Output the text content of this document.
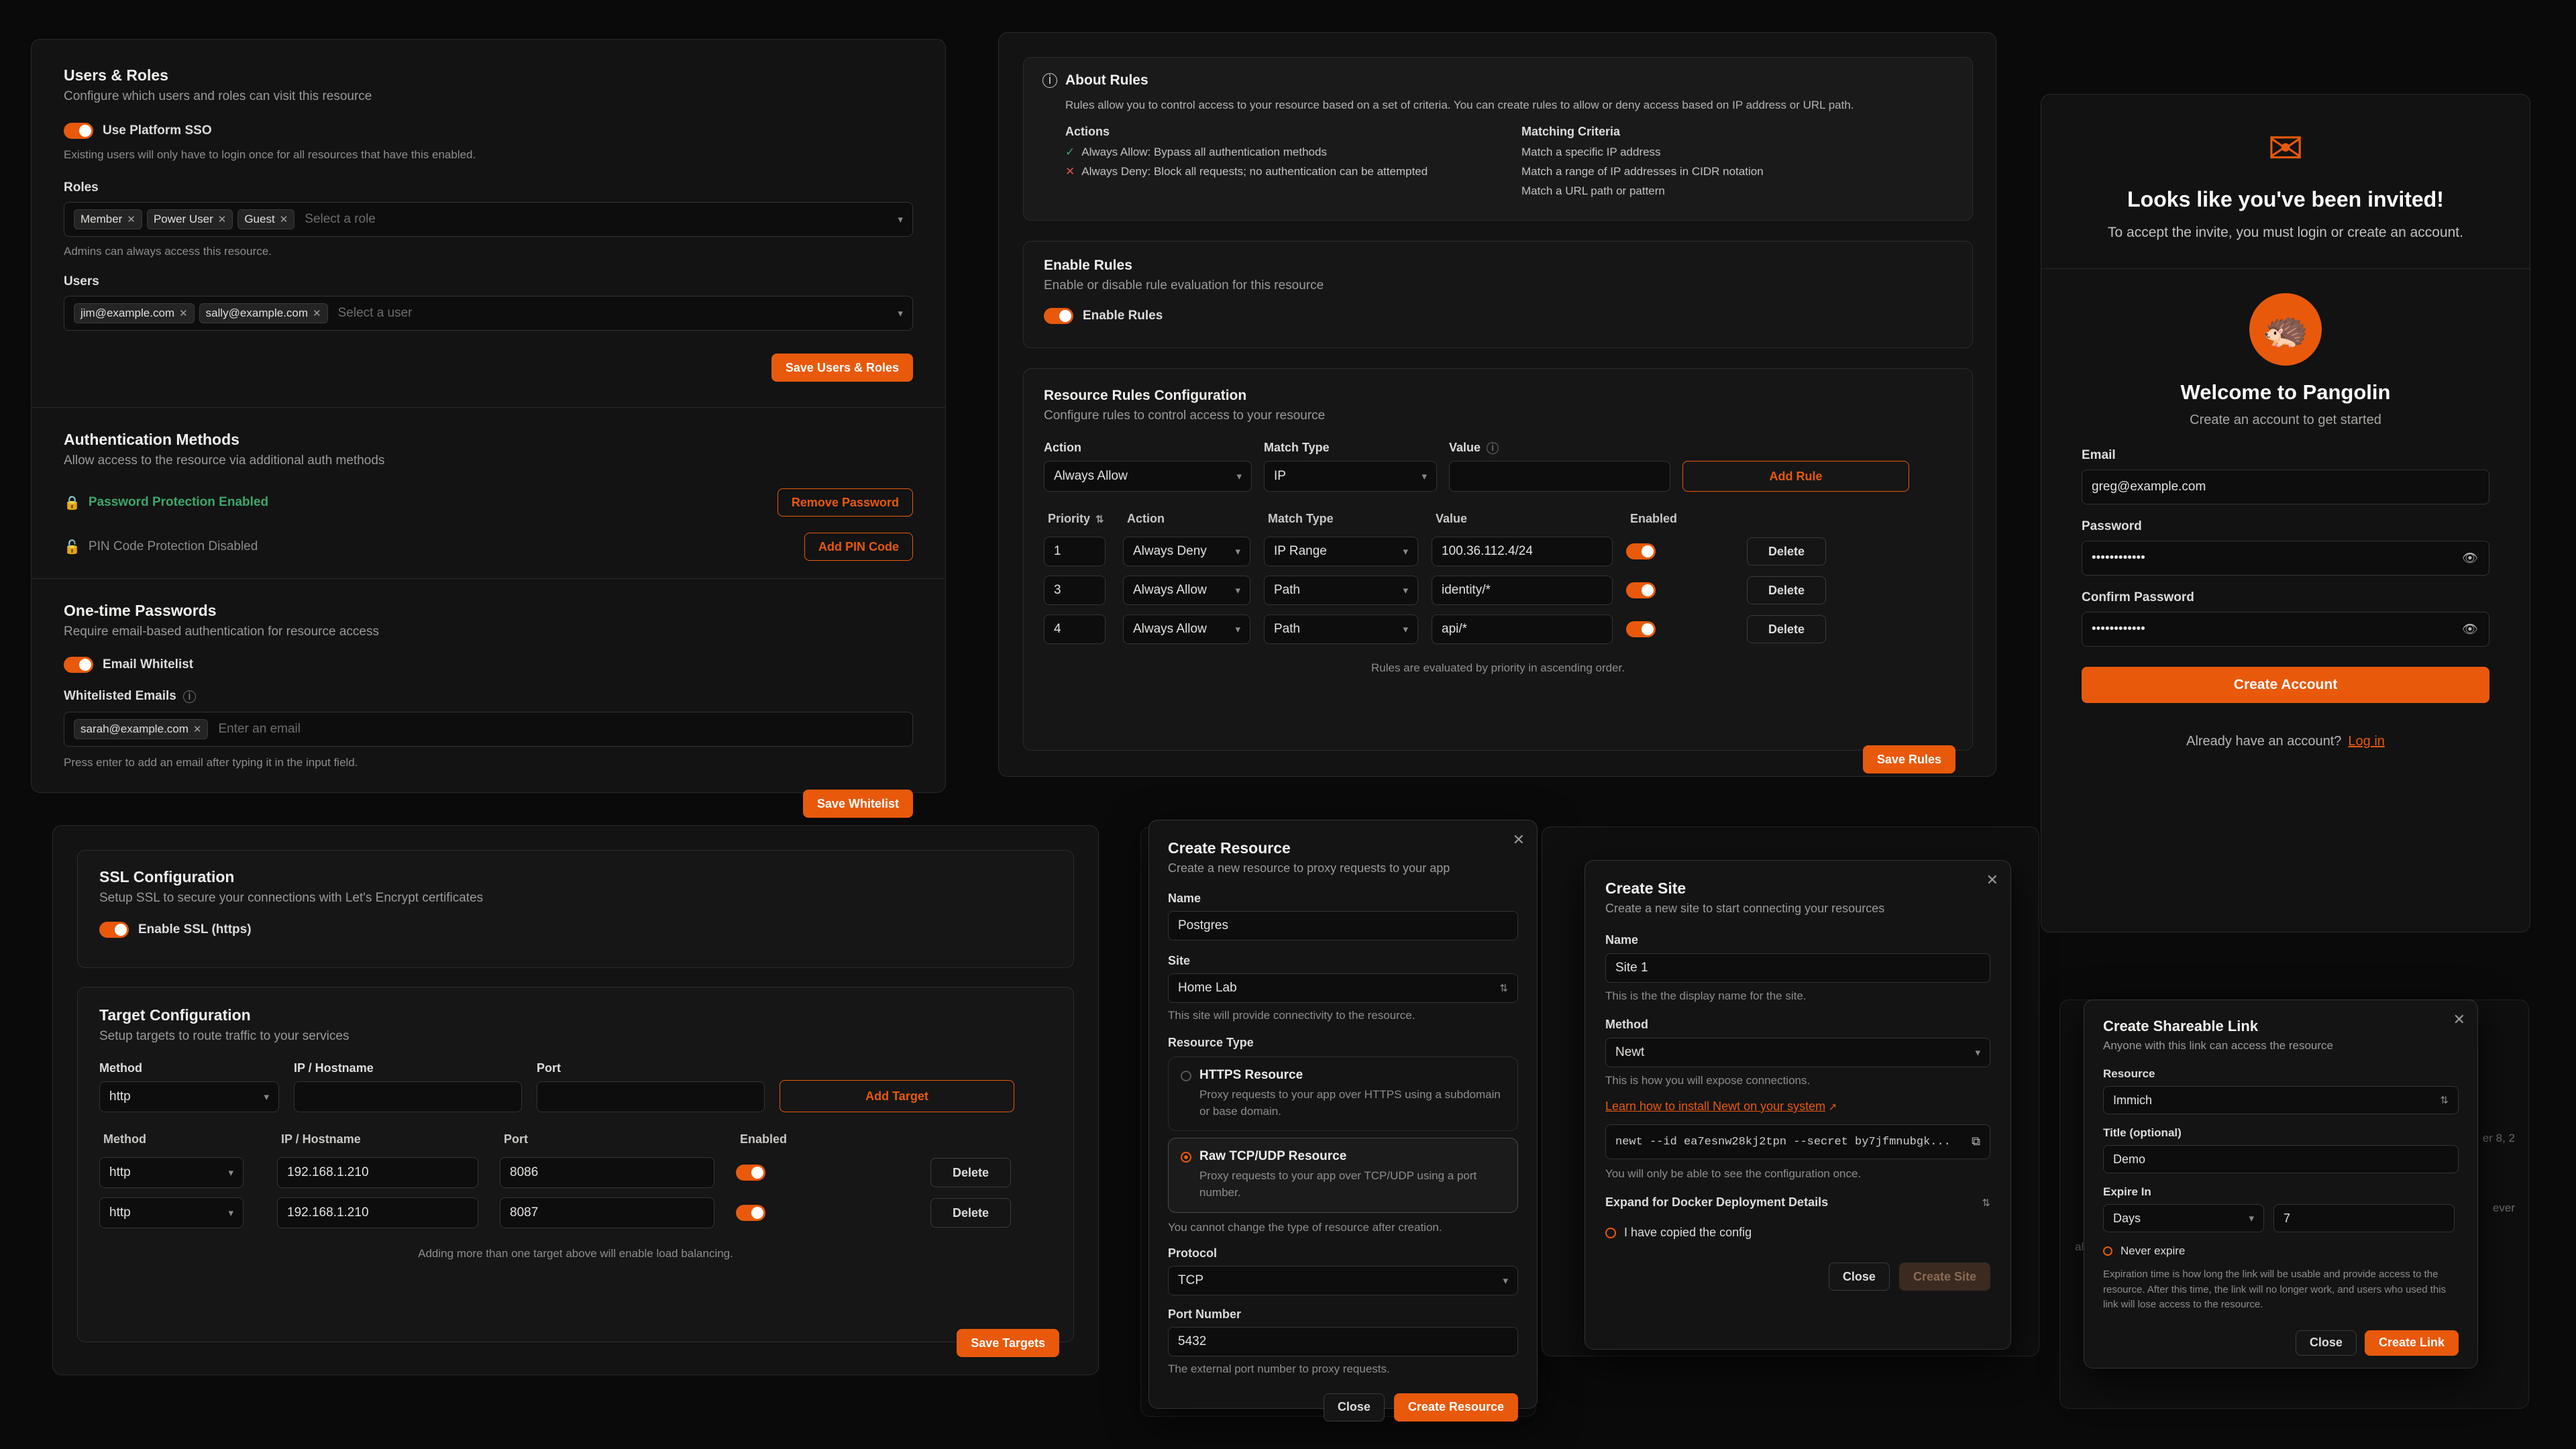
Users & Roles
Configure which users and roles can visit this resource
Use Platform SSO
Existing users will only have to login once for all resources that have this enabled.
Roles
Member ✕ Power User ✕ Guest ✕ Select a role	▾
Admins can always access this resource.
Users
jim@example.com ✕ sally@example.com ✕ Select a user	▾
Save Users & Roles
Authentication Methods
Allow access to the resource via additional auth methods
🔒 Password Protection Enabled	Remove Password
🔓 PIN Code Protection Disabled	Add PIN Code
One-time Passwords
Require email-based authentication for resource access
Email Whitelist
Whitelisted Emails	i
sarah@example.com ✕ Enter an email
Press enter to add an email after typing it in the input field.
Save Whitelist
i About Rules
Rules allow you to control access to your resource based on a set of criteria. You can create rules to allow or deny access based on IP address or URL path.
Actions
✓ Always Allow: Bypass all authentication methods
✕ Always Deny: Block all requests; no authentication can be attempted
Matching Criteria
Match a specific IP address
Match a range of IP addresses in CIDR notation
Match a URL path or pattern
Enable Rules
Enable or disable rule evaluation for this resource
Enable Rules
Resource Rules Configuration
Configure rules to control access to your resource
Action
Always Allow	▾
Match Type
IP	▾
Value	i
Add Rule
Priority ⇅ Action	Match Type	Value	Enabled
1	Always Deny	▾	IP Range	▾	100.36.112.4/24	Delete
3	Always Allow	▾	Path	▾	identity/*	Delete
4	Always Allow	▾	Path	▾	api/*	Delete
Rules are evaluated by priority in ascending order.
Save Rules
SSL Configuration
Setup SSL to secure your connections with Let's Encrypt certificates
Enable SSL (https)
Target Configuration
Setup targets to route traffic to your services
Method
http	▾
IP / Hostname	Port
Add Target
Method	IP / Hostname	Port	Enabled
http	▾	192.168.1.210	8086	Delete
http	▾	192.168.1.210	8087	Delete
Adding more than one target above will enable load balancing.
Save Targets
✕
Create Resource
Create a new resource to proxy requests to your app
Name
Postgres
Site
Home Lab	⇅
This site will provide connectivity to the resource.
Resource Type
HTTPS Resource
Proxy requests to your app over HTTPS using a subdomain or base domain.
Raw TCP/UDP Resource
Proxy requests to your app over TCP/UDP using a port number.
You cannot change the type of resource after creation.
Protocol
TCP	▾
Port Number
5432
The external port number to proxy requests.
Close	Create Resource
✕
Create Site
Create a new site to start connecting your resources
Name
Site 1
This is the the display name for the site.
Method
Newt	▾
This is how you will expose connections.
Learn how to install Newt on your system ↗
newt --id ea7esnw28kj2tpn --secret by7jfmnubgk... ⧉
You will only be able to see the configuration once.
Expand for Docker Deployment Details	⇅
I have copied the config
Close	Create Site
✉
Looks like you've been invited!
To accept the invite, you must login or create an account.
🦔
Welcome to Pangolin
Create an account to get started
Email
greg@example.com
Password
••••••••••••	👁
Confirm Password
••••••••••••	👁
Create Account
Already have an account? Log in
er 8, 2
ever
al
✕
Create Shareable Link
Anyone with this link can access the resource
Resource
Immich	⇅
Title (optional)
Demo
Expire In
Days	▾	7
Never expire
Expiration time is how long the link will be usable and provide access to the resource. After this time, the link will no longer work, and users who used this link will lose access to the resource.
Close	Create Link
